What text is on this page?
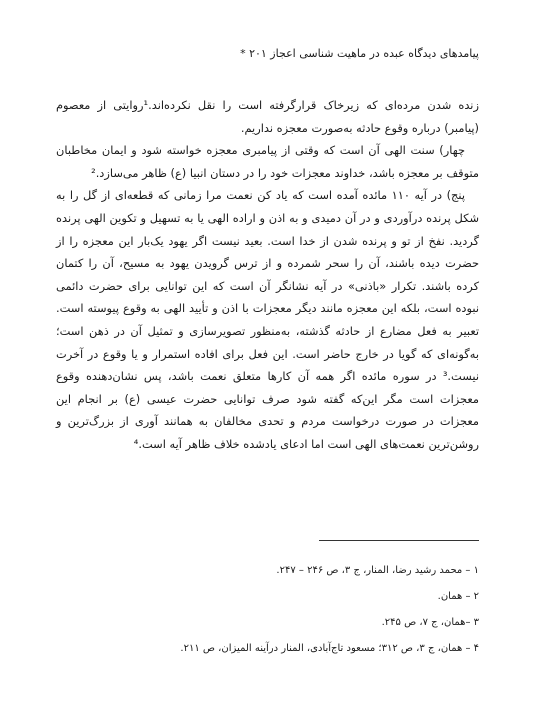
پیامدهای دیدگاه عبده در ماهیت شناسی اعجاز ‪*‬ ۲۰۱

زنده شدن مرده‌ای که زیرخاک قرارگرفته است را نقل نکرده‌اند.¹روایتی از معصوم (پیامبر) درباره وقوع حادثه به‌صورت معجزه نداریم.

چهار) سنت الهی آن است که وقتی از پیامبری معجزه خواسته شود و ایمان مخاطبان متوقف بر معجزه باشد، خداوند معجزات خود را در دستان انبیا (ع) ظاهر می‌سازد.²

پنج) در آیه ۱۱۰ مائده آمده است که یاد کن نعمت مرا زمانی که قطعه‌ای از گل را به شکل پرنده درآوردی و در آن دمیدی و به اذن و اراده الهی یا به تسهیل و تکوین الهی پرنده گردید. نفخ از تو و پرنده شدن از خدا است. بعید نیست اگر یهود یک‌بار این معجزه را از حضرت دیده باشند، آن را سحر شمرده و از ترس گرویدن یهود به مسیح، آن را کتمان کرده باشند. تکرار «باذنی» در آیه نشانگر آن است که این توانایی برای حضرت دائمی نبوده است، بلکه این معجزه مانند دیگر معجزات با اذن و تأیید الهی به وقوع پیوسته است. تعبیر به فعل مضارع از حادثه گذشته، به‌منظور تصویرسازی و تمثیل آن در ذهن است؛ به‌گونه‌ای که گویا در خارج حاضر است. این فعل برای افاده استمرار و یا وقوع در آخرت نیست.³ در سوره مائده اگر همه آن کارها متعلق نعمت باشد، پس نشان‌دهنده وقوع معجزات است مگر این‌که گفته شود صرف توانایی حضرت عیسی (ع) بر انجام این معجزات در صورت درخواست مردم و تحدی مخالفان به همانند آوری از بزرگ‌ترین و روشن‌ترین نعمت‌های الهی است اما ادعای یادشده خلاف ظاهر آیه است.⁴

۱ – محمد رشید رضا، المنار، ج ۳، ص ۲۴۶ – ۲۴۷.
۲ – همان.
۳ –همان، ج ۷، ص ۲۴۵.
۴ – همان، ج ۳، ص ۳۱۲؛ مسعود تاج‌آبادی، المنار درآینه المیزان، ص ۲۱۱.
